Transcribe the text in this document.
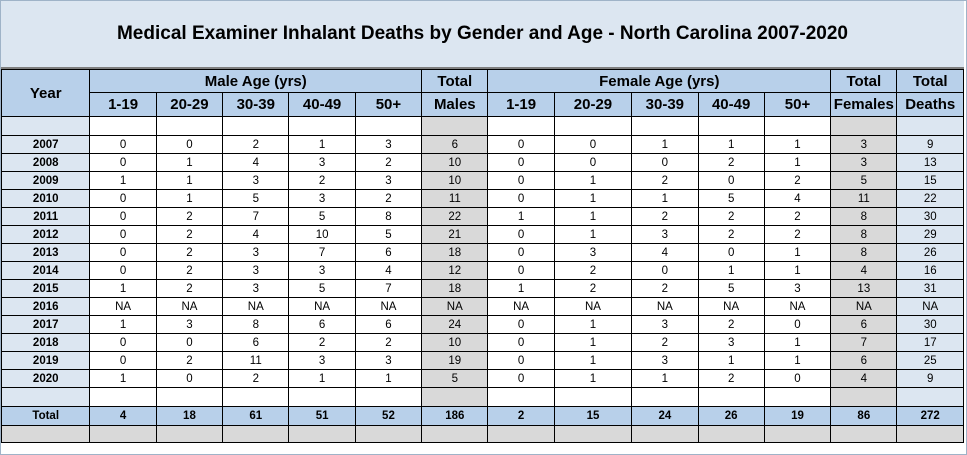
Medical Examiner Inhalant Deaths by Gender and Age - North Carolina 2007-2020
Year	Male Age (yrs)					Total	Female Age (yrs)					Total	Total
	1-19	20-29	30-39	40-49	50+	Males	1-19	20-29	30-39	40-49	50+	Females	Deaths

2007	0	0	2	1	3	6	0	0	1	1	1	3	9
2008	0	1	4	3	2	10	0	0	0	2	1	3	13
2009	1	1	3	2	3	10	0	1	2	0	2	5	15
2010	0	1	5	3	2	11	0	1	1	5	4	11	22
2011	0	2	7	5	8	22	1	1	2	2	2	8	30
2012	0	2	4	10	5	21	0	1	3	2	2	8	29
2013	0	2	3	7	6	18	0	3	4	0	1	8	26
2014	0	2	3	3	4	12	0	2	0	1	1	4	16
2015	1	2	3	5	7	18	1	2	2	5	3	13	31
2016	NA	NA	NA	NA	NA	NA	NA	NA	NA	NA	NA	NA	NA
2017	1	3	8	6	6	24	0	1	3	2	0	6	30
2018	0	0	6	2	2	10	0	1	2	3	1	7	17
2019	0	2	11	3	3	19	0	1	3	1	1	6	25
2020	1	0	2	1	1	5	0	1	1	2	0	4	9

Total	4	18	61	51	52	186	2	15	24	26	19	86	272
